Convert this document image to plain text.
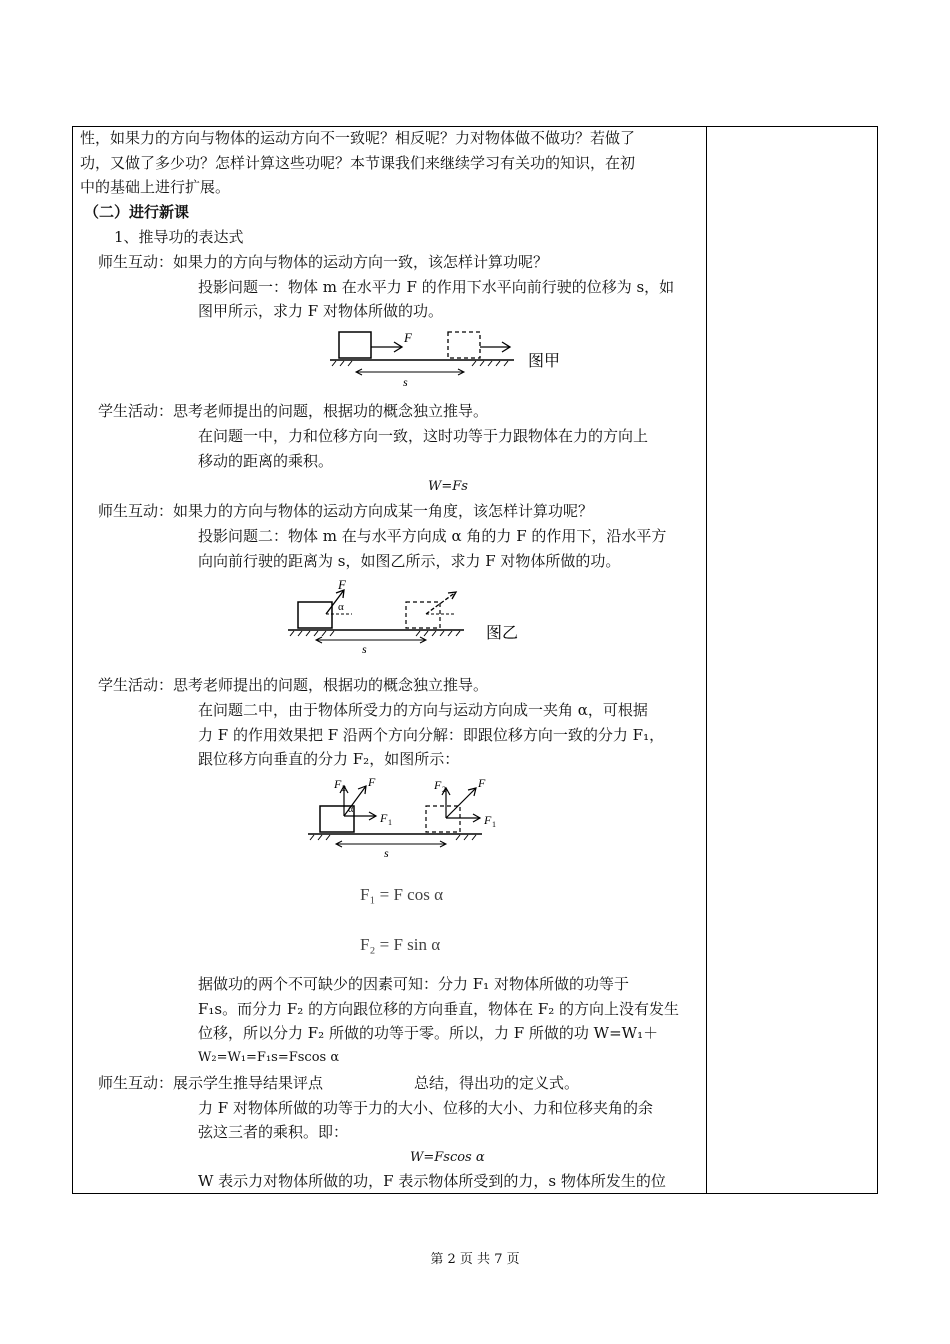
性，如果力的方向与物体的运动方向不一致呢？相反呢？力对物体做不做功？若做了
功，又做了多少功？怎样计算这些功呢？本节课我们来继续学习有关功的知识，在初
中的基础上进行扩展。
（二）进行新课
1、推导功的表达式
师生互动：如果力的方向与物体的运动方向一致，该怎样计算功呢？
投影问题一：物体 m 在水平力 F 的作用下水平向前行驶的位移为 s，如
图甲所示，求力 F 对物体所做的功。
F
s
图甲
学生活动：思考老师提出的问题，根据功的概念独立推导。
在问题一中，力和位移方向一致，这时功等于力跟物体在力的方向上
移动的距离的乘积。
W=Fs
师生互动：如果力的方向与物体的运动方向成某一角度，该怎样计算功呢？
投影问题二：物体 m 在与水平方向成 α 角的力 F 的作用下，沿水平方
向向前行驶的距离为 s，如图乙所示，求力 F 对物体所做的功。
F
α
s
图乙
学生活动：思考老师提出的问题，根据功的概念独立推导。
在问题二中，由于物体所受力的方向与运动方向成一夹角 α，可根据
力 F 的作用效果把 F 沿两个方向分解：即跟位移方向一致的分力 F₁，
跟位移方向垂直的分力 F₂，如图所示：
F 2 F
F 1
α
F 2	F
F 1
s
F₁ = F cos α
F₂ = F sin α
据做功的两个不可缺少的因素可知：分力 F₁ 对物体所做的功等于
F₁s。而分力 F₂ 的方向跟位移的方向垂直，物体在 F₂ 的方向上没有发生
位移，所以分力 F₂ 所做的功等于零。所以，力 F 所做的功 W=W₁＋
W₂=W₁=F₁s=Fscos α
师生互动：展示学生推导结果评点	总结，得出功的定义式。
力 F 对物体所做的功等于力的大小、位移的大小、力和位移夹角的余
弦这三者的乘积。即：
W=Fscos α
W 表示力对物体所做的功，F 表示物体所受到的力，s 物体所发生的位
第 2 页 共 7 页
